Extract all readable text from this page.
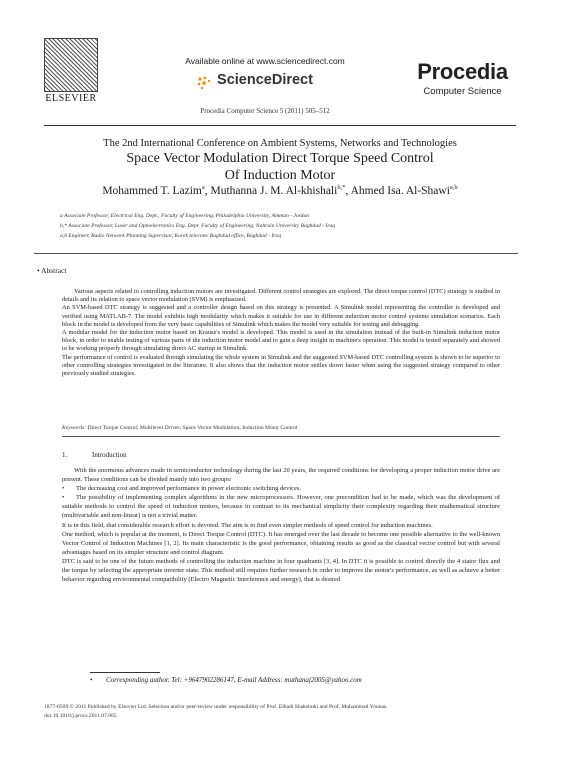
ELSEVIER
Available online at www.sciencedirect.com
ScienceDirect
Procedia Computer Science 5 (2011) 505–512
Procedia
Computer Science
The 2nd International Conference on Ambient Systems, Networks and Technologies
Space Vector Modulation Direct Torque Speed Control
Of Induction Motor
Mohammed T. Lazim$^a$, Muthanna J. M. Al-khishali$^{b,*}$, Ahmed Isa. Al-Shawi$^{a,b}$
a Associate Professor, Electrical Eng. Dept., Faculty of Engineering, Philadelphia University, Amman - Jordan
b,* Associate Professor, Laser and Optoelectronics Eng. Dept. Faculty of Engineering, Nahrain University Baghdad - Iraq
a,b Engineer, Radio Network Planning Supervisor, Korek telecom/ Baghdad office, Baghdad - Iraq
• Abstract

Various aspects related to controlling induction motors are investigated. Different control strategies are explored. The direct torque control (DTC) strategy is studied in details and its relation to space vector modulation (SVM) is emphasized.

An SVM-based DTC strategy is suggested and a controller design based on this strategy is presented. A Simulink model representing the controller is developed and verified using MATLAB-7. The model exhibits high modularity which makes it suitable for use in different induction motor control systems simulation scenarios. Each block in the model is developed from the very basic capabilities of Simulink which makes the model very suitable for testing and debugging.

A modular model for the induction motor based on Krause's model is developed. This model is used in the simulation instead of the built-in Simulink induction motor block, in order to enable testing of various parts of the induction motor model and to gain a deep insight in machine's operation. This model is tested separately and showed to be working properly through simulating direct AC startup in Simulink.

The performance of control is evaluated through simulating the whole system in Simulink and the suggested SVM-based DTC controlling system is shown to be superior to other controlling strategies investigated in the literature. It also shows that the induction motor settles down faster when using the suggested strategy compared to other previously studied strategies.

Keywords: Direct Torque Control; Multilevel Drives; Space Vector Modulation; Induction Motor Control
1.	Introduction

With the enormous advances made in semiconductor technology during the last 20 years, the required conditions for developing a proper induction motor drive are present. These conditions can be divided mainly into two groups:

• The decreasing cost and improved performance in power electronic switching devices.

• The possibility of implementing complex algorithms in the new microprocessors. However, one precondition had to be made, which was the development of suitable methods to control the speed of induction motors, because in contrast to its mechanical simplicity their complexity regarding their mathematical structure (multivariable and non-linear) is not a trivial matter.

It is in this field, that considerable research effort is devoted. The aim is to find even simpler methods of speed control for induction machines.

One method, which is popular at the moment, is Direct Torque Control (DTC). It has emerged over the last decade to become one possible alternative to the well-known Vector Control of Induction Machines [1, 2]. Its main characteristic is the good performance, obtaining results as good as the classical vector control but with several advantages based on its simpler structure and control diagram.

DTC is said to be one of the future methods of controlling the induction machine in four quadrants [3, 4]. In DTC it is possible to control directly the 4 stator flux and the torque by selecting the appropriate inverter state. This method still requires further research in order to improve the motor's performance, as well as achieve a better behavior regarding environmental compatibility (Electro Magnetic Interference and energy), that is desired

• Corresponding author. Tel: +9647902286147, E-mail Address: muthanaj2005@yahoo.com
1877-0509 © 2011 Published by Elsevier Ltd. Selection and/or peer-review under responsibility of Prof. Elhadi Shakshuki and Prof. Muhammad Younas.
doi:10.1016/j.procs.2011.07.065
